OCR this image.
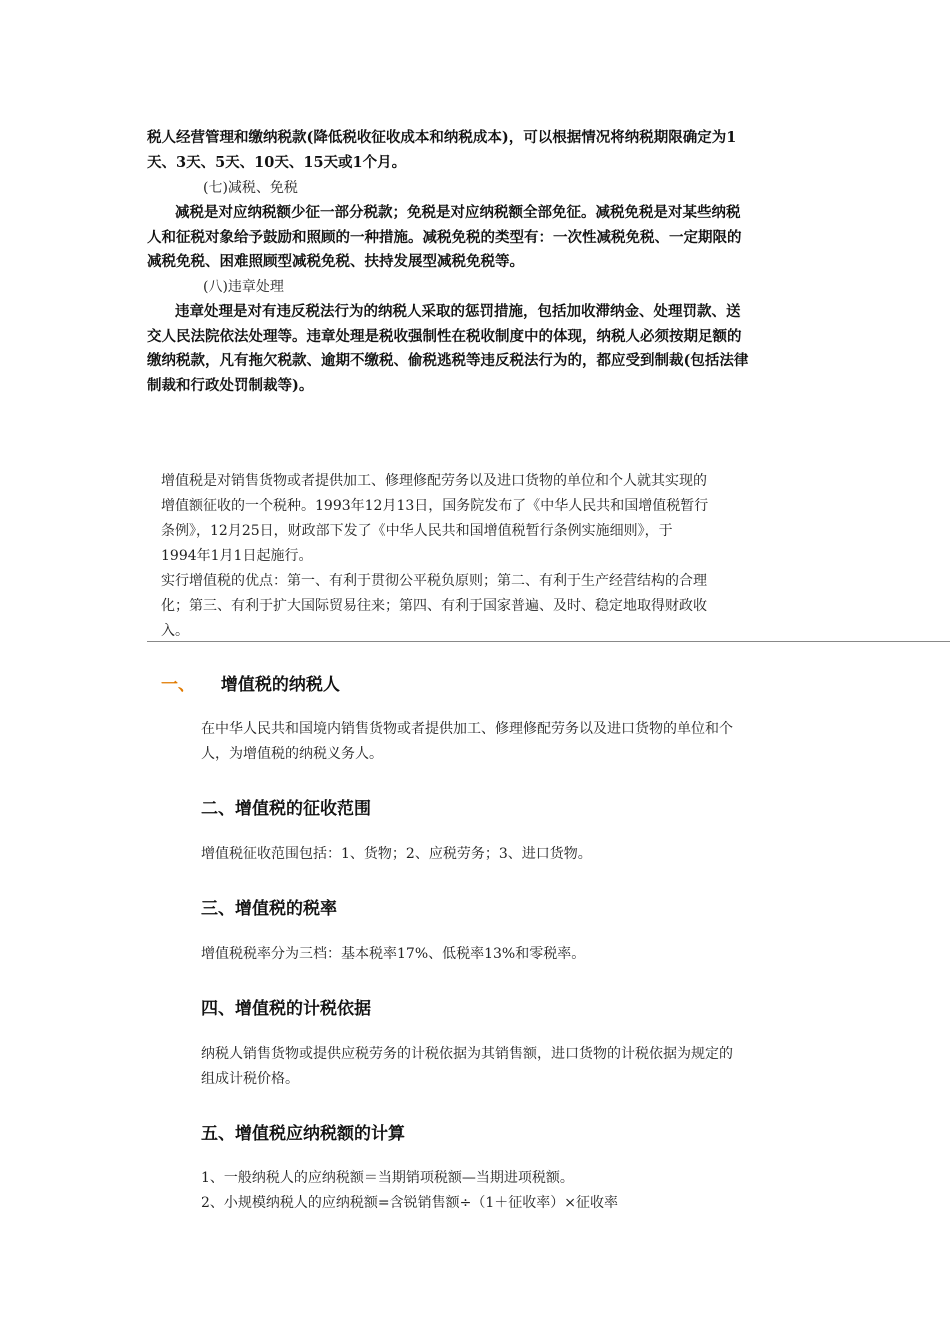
税人经营管理和缴纳税款(降低税收征收成本和纳税成本)，可以根据情况将纳税期限确定为1
天、3天、5天、10天、15天或1个月。
(七)减税、免税
减税是对应纳税额少征一部分税款；免税是对应纳税额全部免征。减税免税是对某些纳税
人和征税对象给予鼓励和照顾的一种措施。减税免税的类型有：一次性减税免税、一定期限的
减税免税、困难照顾型减税免税、扶持发展型减税免税等。
(八)违章处理
违章处理是对有违反税法行为的纳税人采取的惩罚措施，包括加收滞纳金、处理罚款、送
交人民法院依法处理等。违章处理是税收强制性在税收制度中的体现，纳税人必须按期足额的
缴纳税款，凡有拖欠税款、逾期不缴税、偷税逃税等违反税法行为的，都应受到制裁(包括法律
制裁和行政处罚制裁等)。
增值税是对销售货物或者提供加工、修理修配劳务以及进口货物的单位和个人就其实现的
增值额征收的一个税种。1993年12月13日，国务院发布了《中华人民共和国增值税暂行
条例》，12月25日，财政部下发了《中华人民共和国增值税暂行条例实施细则》，于
1994年1月1日起施行。
实行增值税的优点：第一、有利于贯彻公平税负原则；第二、有利于生产经营结构的合理
化；第三、有利于扩大国际贸易往来；第四、有利于国家普遍、及时、稳定地取得财政收
入。
一、 增值税的纳税人
在中华人民共和国境内销售货物或者提供加工、修理修配劳务以及进口货物的单位和个
人，为增值税的纳税义务人。
二、增值税的征收范围
增值税征收范围包括：1、货物；2、应税劳务；3、进口货物。
三、增值税的税率
增值税税率分为三档：基本税率17%、低税率13%和零税率。
四、增值税的计税依据
纳税人销售货物或提供应税劳务的计税依据为其销售额，进口货物的计税依据为规定的
组成计税价格。
五、增值税应纳税额的计算
1、一般纳税人的应纳税额＝当期销项税额—当期进项税额。
2、小规模纳税人的应纳税额=含锐销售额÷（1＋征收率）×征收率
